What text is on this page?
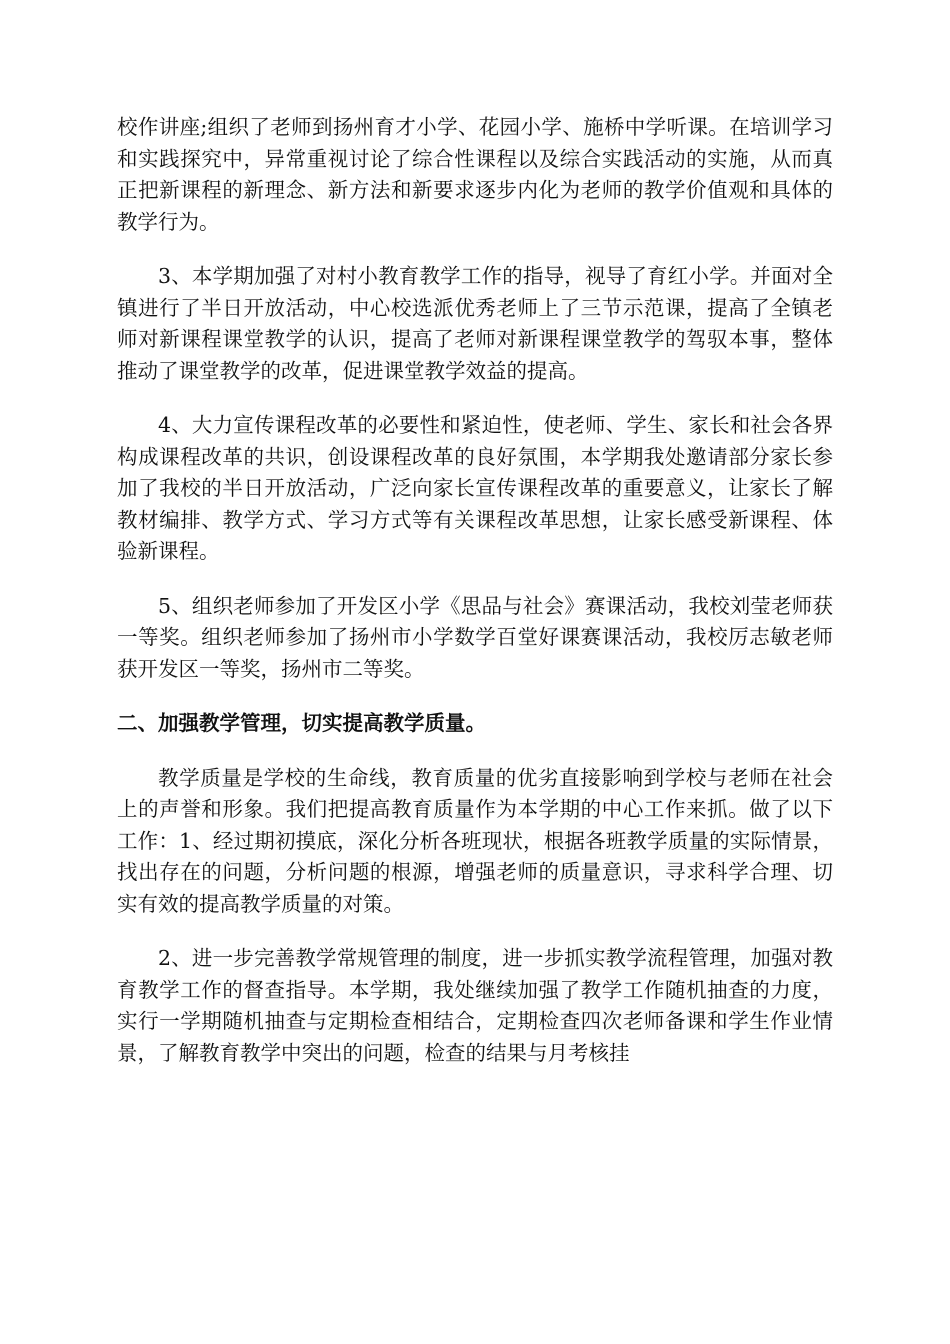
校作讲座;组织了老师到扬州育才小学、花园小学、施桥中学听课。在培训学习和实践探究中，异常重视讨论了综合性课程以及综合实践活动的实施，从而真正把新课程的新理念、新方法和新要求逐步内化为老师的教学价值观和具体的教学行为。

3、本学期加强了对村小教育教学工作的指导，视导了育红小学。并面对全镇进行了半日开放活动，中心校选派优秀老师上了三节示范课，提高了全镇老师对新课程课堂教学的认识，提高了老师对新课程课堂教学的驾驭本事，整体推动了课堂教学的改革，促进课堂教学效益的提高。

4、大力宣传课程改革的必要性和紧迫性，使老师、学生、家长和社会各界构成课程改革的共识，创设课程改革的良好氛围，本学期我处邀请部分家长参加了我校的半日开放活动，广泛向家长宣传课程改革的重要意义，让家长了解教材编排、教学方式、学习方式等有关课程改革思想，让家长感受新课程、体验新课程。

5、组织老师参加了开发区小学《思品与社会》赛课活动，我校刘莹老师获一等奖。组织老师参加了扬州市小学数学百堂好课赛课活动，我校厉志敏老师获开发区一等奖，扬州市二等奖。

二、加强教学管理，切实提高教学质量。

教学质量是学校的生命线，教育质量的优劣直接影响到学校与老师在社会上的声誉和形象。我们把提高教育质量作为本学期的中心工作来抓。做了以下工作：1、经过期初摸底，深化分析各班现状，根据各班教学质量的实际情景，找出存在的问题，分析问题的根源，增强老师的质量意识，寻求科学合理、切实有效的提高教学质量的对策。

2、进一步完善教学常规管理的制度，进一步抓实教学流程管理，加强对教育教学工作的督查指导。本学期，我处继续加强了教学工作随机抽查的力度，实行一学期随机抽查与定期检查相结合，定期检查四次老师备课和学生作业情景，了解教育教学中突出的问题，检查的结果与月考核挂
